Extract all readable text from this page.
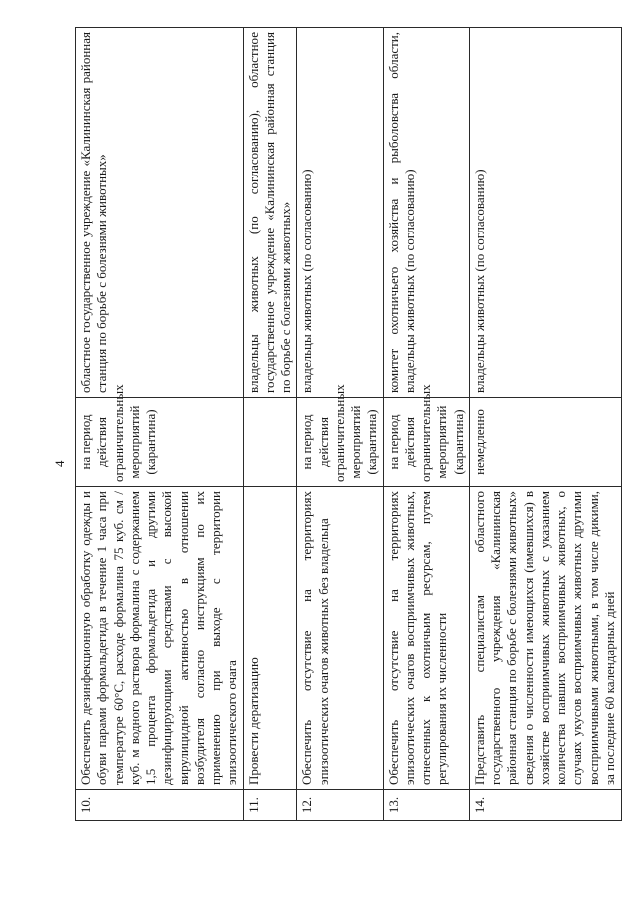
4
10.	Обеспечить дезинфекционную обработку одежды и обуви парами формальдегида в течение 1 часа при температуре 60°С, расходе формалина 75 куб. см / куб. м водного раствора формалина с содержанием 1,5 процента формальдегида и другими дезинфицирующими средствами с высокой вирулицидной активностью в отношении возбудителя согласно инструкциям по их применению при выходе с территории эпизоотического очага	на период действия ограничительных мероприятий (карантина)	областное государственное учреждение «Калининская районная станция по борьбе с болезнями животных»
11.	Провести дератизацию		владельцы животных (по согласованию), областное государственное учреждение «Калининская районная станция по борьбе с болезнями животных»
12.	Обеспечить отсутствие на территориях эпизоотических очагов животных без владельца	на период действия ограничительных мероприятий (карантина)	владельцы животных (по согласованию)
13.	Обеспечить отсутствие на территориях эпизоотических очагов восприимчивых животных, отнесенных к охотничьим ресурсам, путем регулирования их численности	на период действия ограничительных мероприятий (карантина)	комитет охотничьего хозяйства и рыболовства области, владельцы животных (по согласованию)
14.	Представить специалистам областного государственного учреждения «Калининская районная станция по борьбе с болезнями животных» сведения о численности имеющихся (имевшихся) в хозяйстве восприимчивых животных с указанием количества павших восприимчивых животных, о случаях укусов восприимчивых животных другими восприимчивыми животными, в том числе дикими, за последние 60 календарных дней	немедленно	владельцы животных (по согласованию)
